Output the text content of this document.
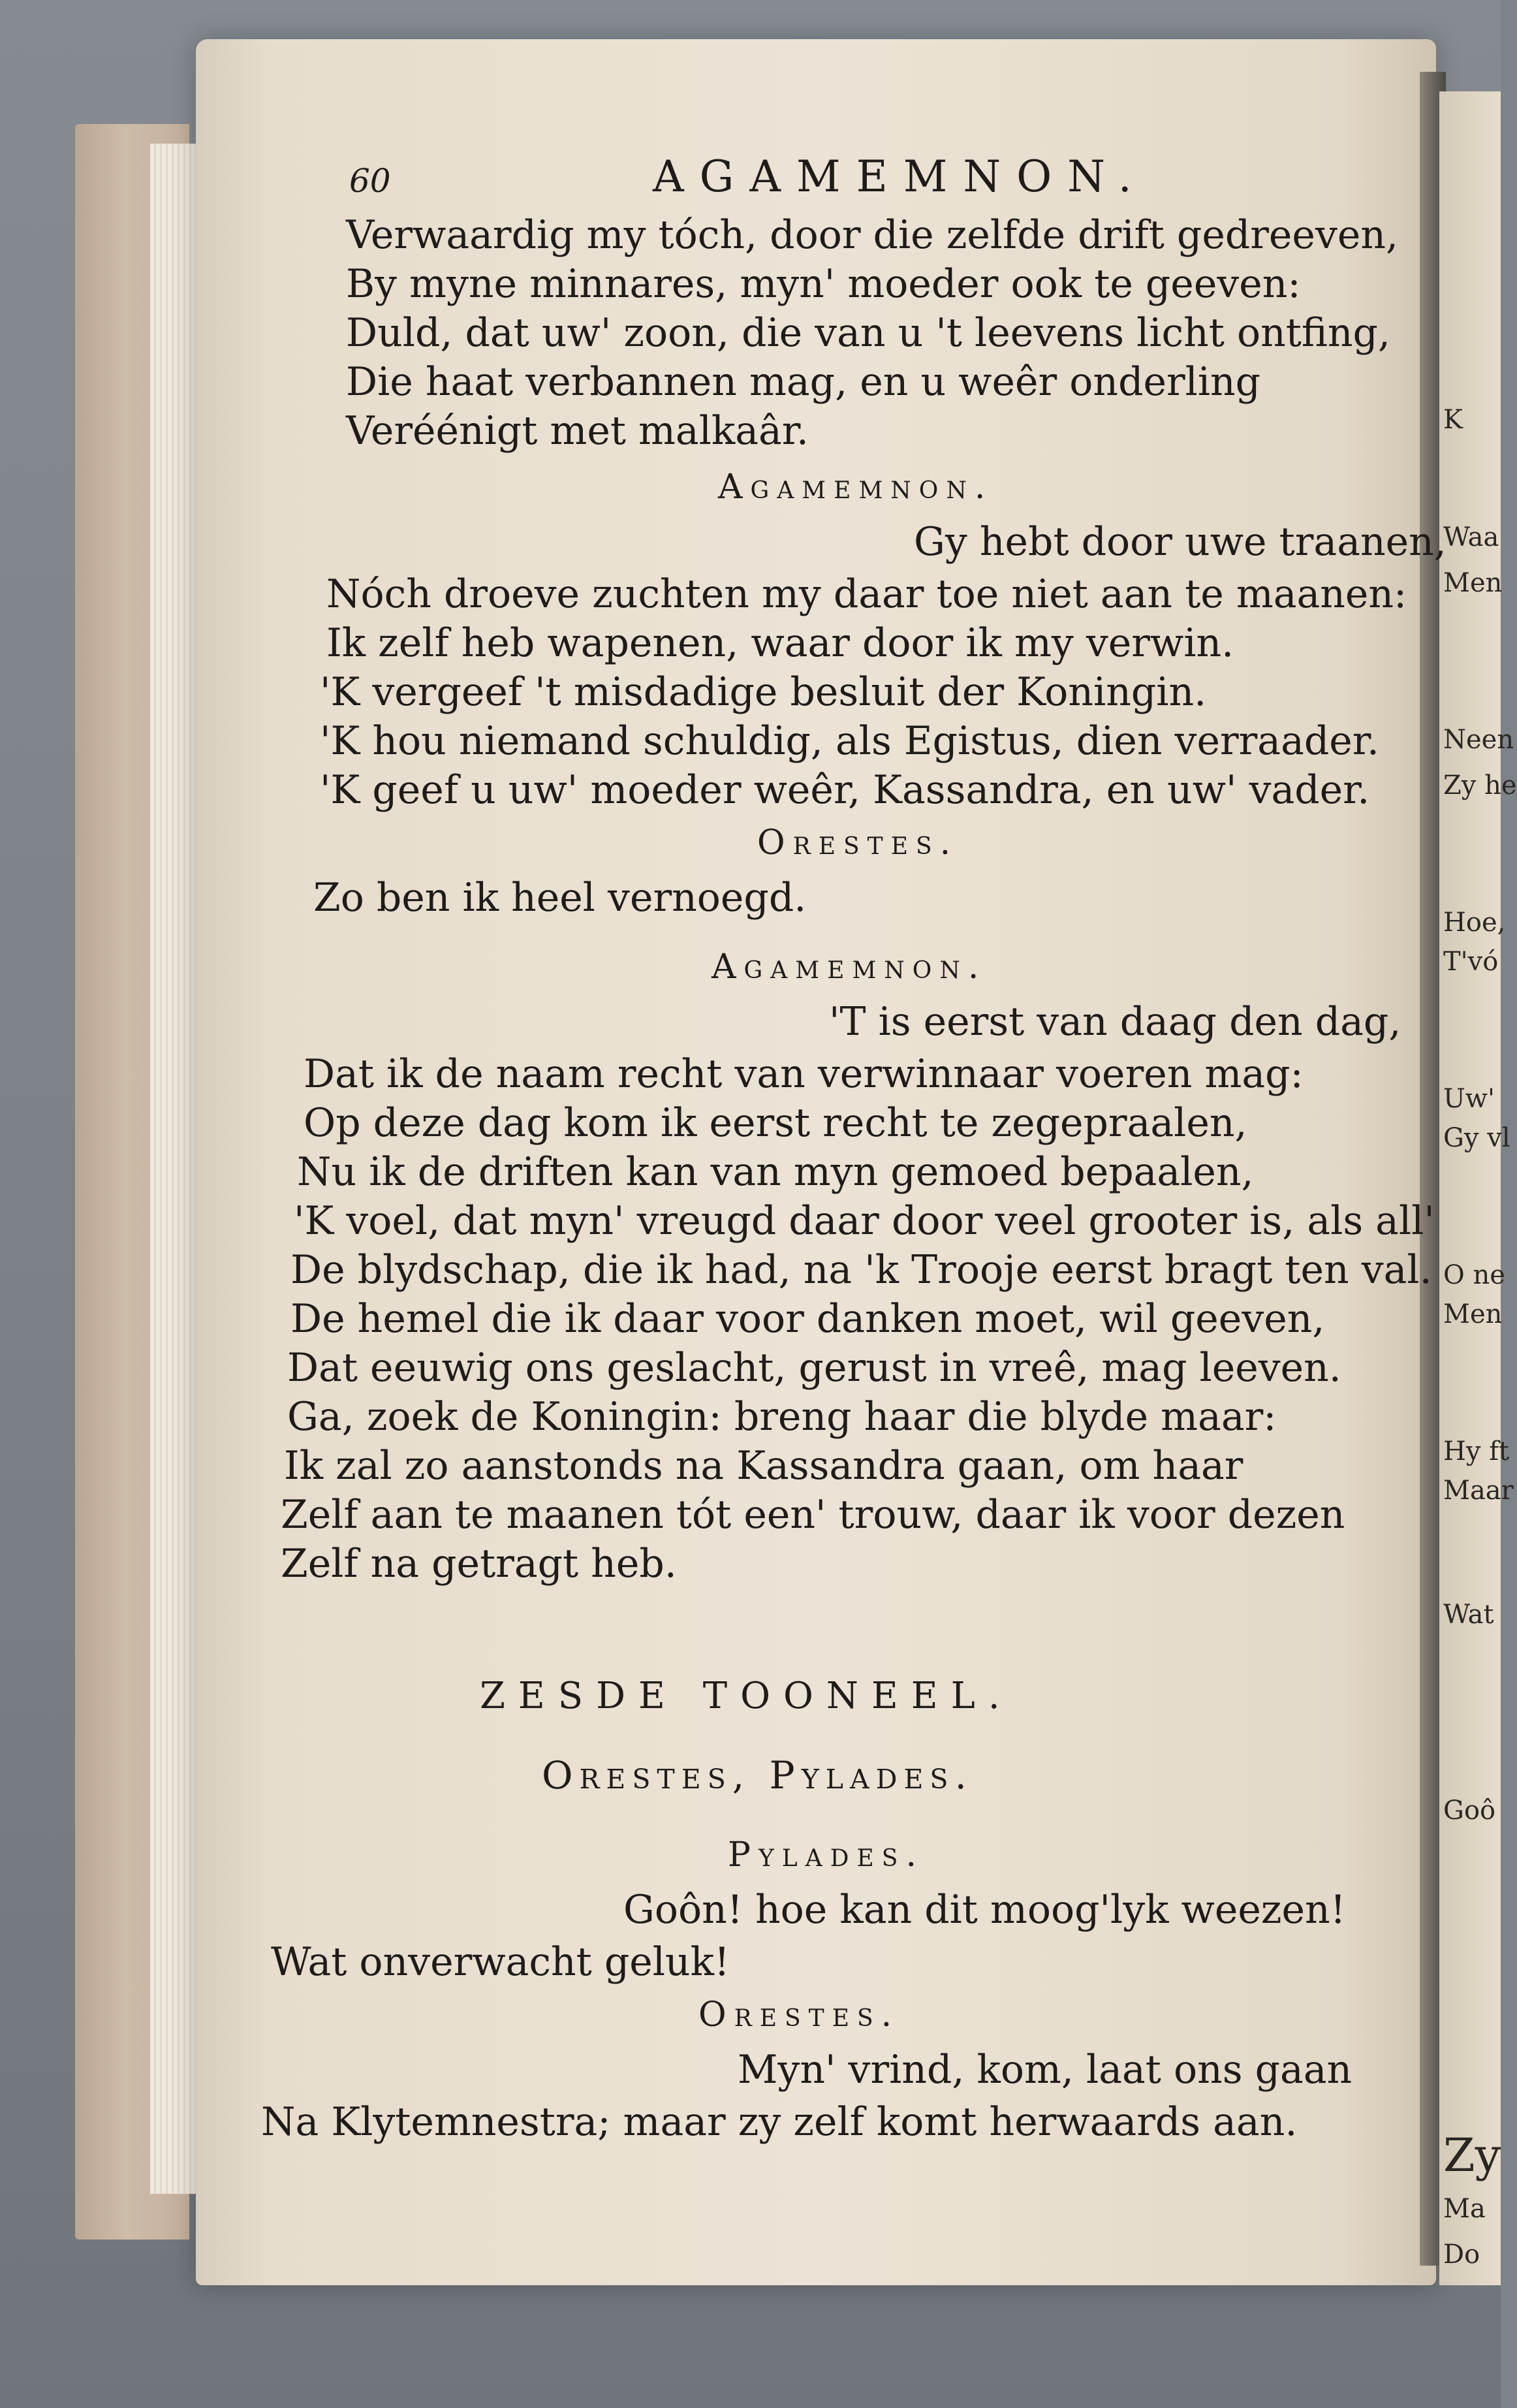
K

Waa

Men

Neen

Zy he

Hoe,

T'vó

Uw'

Gy vl

O ne

Men

Hy ft

Maar

Wat

Goô

Zy

Ma

Do

60	AGAMEMNON.

Verwaardig my tóch, door die zelfde drift gedreeven,

By myne minnares, myn' moeder ook te geeven:

Duld, dat uw' zoon, die van u 't leevens licht ontfing,

Die haat verbannen mag, en u weêr onderling

Veréénigt met malkaâr.

Agamemnon.

Gy hebt door uwe traanen,

Nóch droeve zuchten my daar toe niet aan te maanen:

Ik zelf heb wapenen, waar door ik my verwin.

'K vergeef 't misdadige besluit der Koningin.

'K hou niemand schuldig, als Egistus, dien verraader.

'K geef u uw' moeder weêr, Kassandra, en uw' vader.

Orestes.

Zo ben ik heel vernoegd.

Agamemnon.

'T is eerst van daag den dag,

Dat ik de naam recht van verwinnaar voeren mag:

Op deze dag kom ik eerst recht te zegepraalen,

Nu ik de driften kan van myn gemoed bepaalen,

'K voel, dat myn' vreugd daar door veel grooter is, als all'

De blydschap, die ik had, na 'k Trooje eerst bragt ten val.

De hemel die ik daar voor danken moet, wil geeven,

Dat eeuwig ons geslacht, gerust in vreê, mag leeven.

Ga, zoek de Koningin: breng haar die blyde maar:

Ik zal zo aanstonds na Kassandra gaan, om haar

Zelf aan te maanen tót een' trouw, daar ik voor dezen

Zelf na getragt heb.

ZESDE TOONEEL.

Orestes, Pylades.

Pylades.

Goôn! hoe kan dit moog'lyk weezen!

Wat onverwacht geluk!

Orestes.

Myn' vrind, kom, laat ons gaan

Na Klytemnestra; maar zy zelf komt herwaards aan.
